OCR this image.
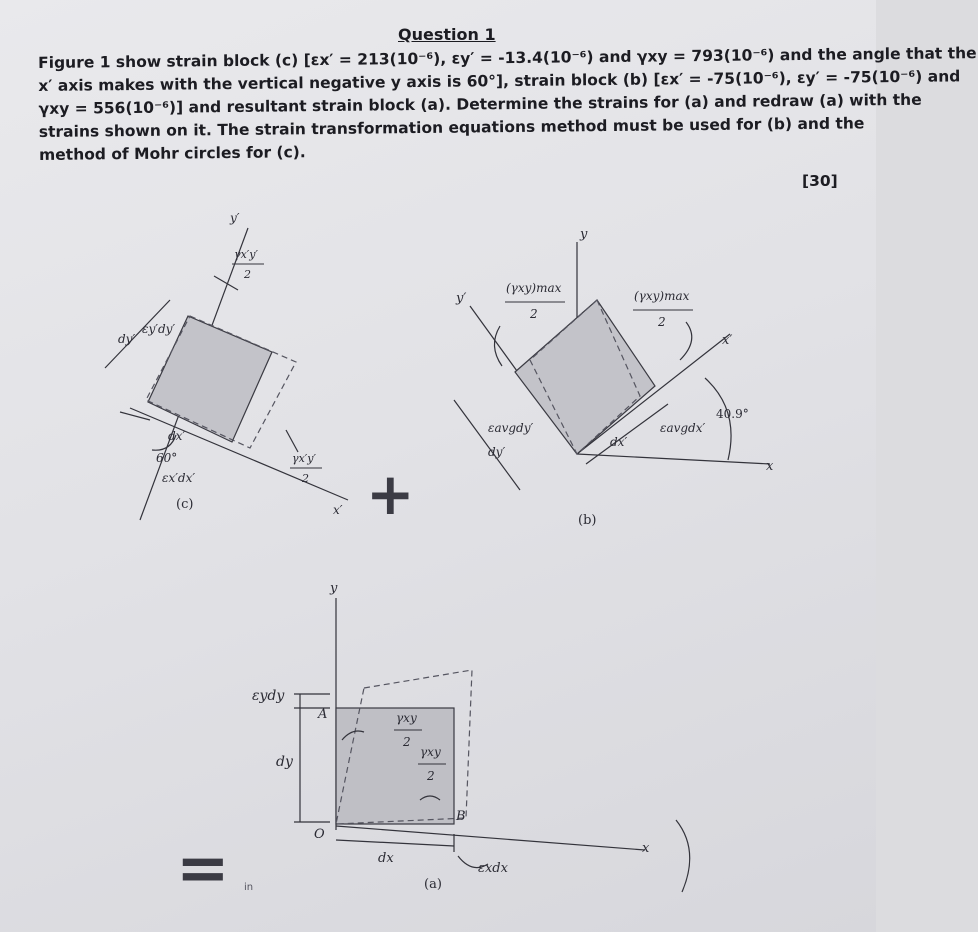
Question 1
Figure 1 show strain block (c) [εx′ = 213(10⁻⁶), εy′ = -13.4(10⁻⁶) and γxy = 793(10⁻⁶) and the angle that the
x′ axis makes with the vertical negative y axis is 60°], strain block (b) [εx′ = -75(10⁻⁶), εy′ = -75(10⁻⁶) and
γxy = 556(10⁻⁶)] and resultant strain block (a). Determine the strains for (a) and redraw (a) with the
strains shown on it. The strain transformation equations method must be used for (b) and the
method of Mohr circles for (c).
[30]
y′
x′
γx′y′
2
γx′y′
2
dy′
εy′dy′
dx′
60°
εx′dx′
(c)	+
y
y′
x′
x
(γxy)max
2
(γxy)max
2
εavgdy′
dy′
dx′
εavgdx′
40.9°
(b)
y
x
εydy
dy
A
B
O
γxy
2
γxy
2
dx
εxdx
(a)
= in
